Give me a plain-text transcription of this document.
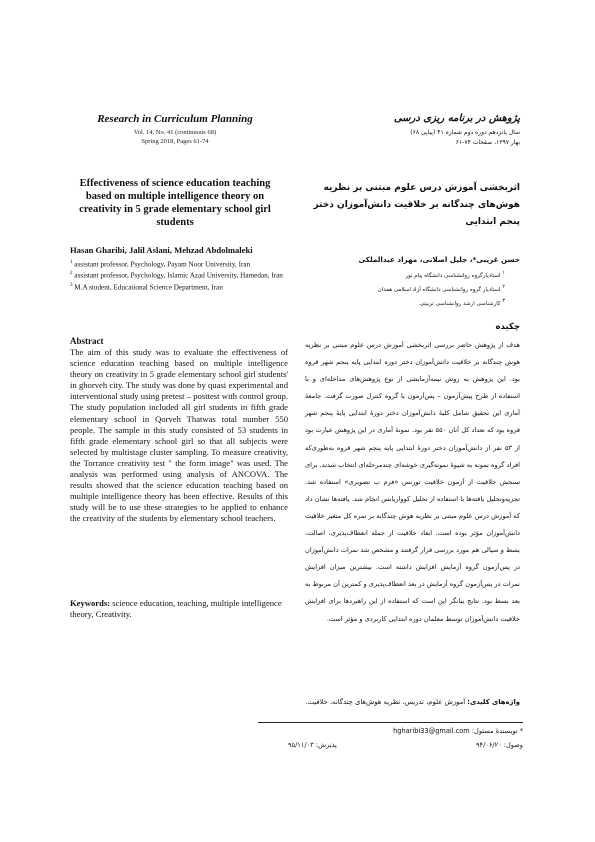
Research in Curriculum Planning
Vol. 14, No. 41 (continuous 68)
Spring 2018, Pages 61-74
پژوهش در برنامه ریزی درسی
سال پانزدهم دوره دوم شماره ۴۱ (پیاپی ۶۸)
بهار ۱۳۹۷، صفحات ۷۴-۶۱
Effectiveness of science education teaching based on multiple intelligence theory on creativity in 5 grade elementary school girl students
Hasan Gharibi, Jalil Aslani, Mehzad Abdolmaleki

$^1$ assistant professor, Psychology, Payam Noor University, Iran

$^2$ assistant professor, Psychology, Islamic Azad University, Hamedan, Iran

$^3$ M.A student, Educational Science Department, Iran

Abstract

The aim of this study was to evaluate the effectiveness of science education teaching based on multiple intelligence theory on creativity in 5 grade elementary school girl students' in ghorveh city. The study was done by quasi experimental and interventional study using pretest – posttest with control group. The study population included all girl students in fifth grade elementary school in Qorveh Thatwas total number 550 people. The sample in this study consisted of 53 students in fifth grade elementary school girl so that all subjects were selected by multistage cluster sampling. To measure creativity, the Torrance creativity test " the form image" was used. The analysis was performed using analysis of ANCOVA. The results showed that the science education teaching based on multiple intelligence theory has been effective. Results of this study will be to use these strategies to be applied to enhance the creativity of the students by elementary school teachers.

Keywords: science education, teaching, multiple intelligence theory, Creativity.

اثربخشی آموزش درس علوم مبتنی بر نظریه هوش‌های چندگانه بر خلاقیت دانش‌آموزان دختر پنجم ابتدایی
حسن غریبی*، جلیل اصلانی، مهزاد عبدالملکی

$^۱$ استادیارگروه روانشناسی دانشگاه پیام نور

$^۲$ استادیار گروه روانشناسی دانشگاه آزاد اسلامی همدان

$^۳$ کارشناسی ارشد روانشناسی تربیتی

چکیده

هدف از پژوهش حاضر بررسی اثربخشی آموزش درس علوم مبتنی بر نظریه هوش چندگانه بر خلاقیت دانش‌آموزان دختر دوره ابتدایی پایه پنجم شهر قروه بود. این پژوهش به روش نیمه‌آزمایشی از نوع پژوهش‌های مداخله‌ای و با استفاده از طرح پیش‌آزمون – پس‌آزمون با گروه کنترل صورت گرفت. جامعهٔ آماری این تحقیق شامل کلیهٔ دانش‌آموزان دختر دورهٔ ابتدایی پایهٔ پنجم شهر قروه بود که تعداد کل آنان ۵۵۰ نفر بود. نمونهٔ آماری در این پژوهش عبارت بود از ۵۳ نفر از دانش‌آموزان دختر دورهٔ ابتدایی پایه پنجم شهر قروه به‌طوری‌که افراد گروه نمونه به شیوهٔ نمونه‌گیری خوشه‌ای چندمرحله‌ای انتخاب شدند. برای سنجش خلاقیت از آزمون خلاقیت تورنس «فرم ب تصویری» استفاده شد. تجزیه‌وتحلیل یافته‌ها با استفاده از تحلیل کوواریانس انجام شد. یافته‌ها نشان داد که آموزش درس علوم مبتنی بر نظریه هوش چندگانه بر نمره کل متغیر خلاقیت دانش‌آموزان مؤثر بوده است. ابعاد خلاقیت از جمله انعطاف‌پذیری، اصالت، بسط و سیالی هم مورد بررسی قرار گرفتند و مشخص شد نمرات دانش‌آموزان در پس‌آزمون گروه آزمایش افزایش داشته است. بیشترین میزان افزایش نمرات در پس‌آزمون گروه آزمایش در بعد انعطاف‌پذیری و کمترین آن مربوط به بعد بسط بود. نتایج بیانگر این است که استفاده از این راهبردها برای افزایش خلاقیت دانش‌آموزان توسط معلمان دوره ابتدایی کاربردی و مؤثر است.

واژه‌های کلیدی: آموزش علوم، تدریس، نظریه هوش‌های چندگانه، خلاقیت.

* نویسندهٔ مسئول: hgharibi33@gmail.com
وصول: ۹۴/۰۶/۲۰
پذیرش: ۹۵/۱۱/۰۳
